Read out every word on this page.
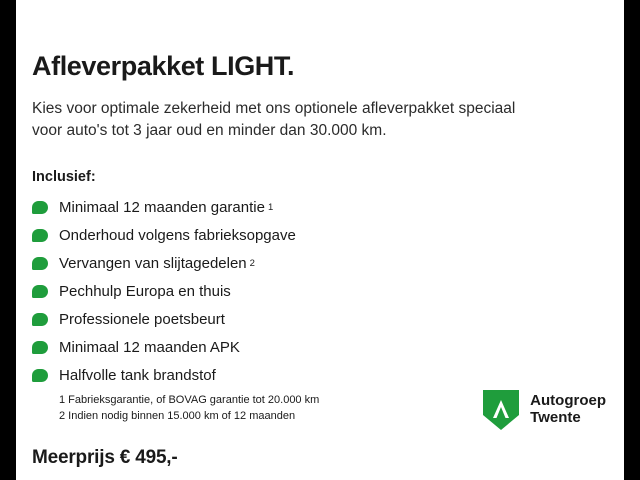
Afleverpakket LIGHT.

Kies voor optimale zekerheid met ons optionele afleverpakket speciaal voor auto's tot 3 jaar oud en minder dan 30.000 km.

Inclusief:
Minimaal 12 maanden garantie 1
Onderhoud volgens fabrieksopgave
Vervangen van slijtagedelen 2
Pechhulp Europa en thuis
Professionele poetsbeurt
Minimaal 12 maanden APK
Halfvolle tank brandstof
1 Fabrieksgarantie, of BOVAG garantie tot 20.000 km
2 Indien nodig binnen 15.000 km of 12 maanden
Meerprijs € 495,-
Autogroep
Twente
